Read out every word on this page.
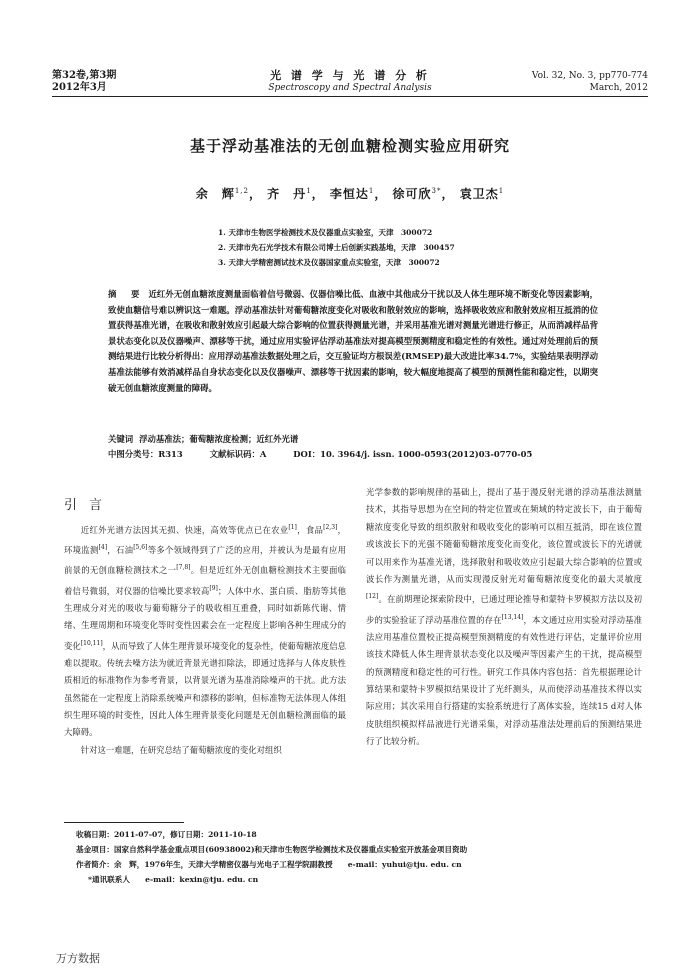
第32卷,第3期
2012年3月
光 谱 学 与 光 谱 分 析
Spectroscopy and Spectral Analysis
Vol. 32, No. 3, pp770-774
March, 2012
基于浮动基准法的无创血糖检测实验应用研究
余　辉$^{1,2}$， 齐　丹$^1$， 李恒达$^1$， 徐可欣$^{3*}$， 袁卫杰$^1$
1. 天津市生物医学检测技术及仪器重点实验室，天津　300072
2. 天津市先石光学技术有限公司博士后创新实践基地，天津　300457
3. 天津大学精密测试技术及仪器国家重点实验室，天津　300072
摘　要 近红外无创血糖浓度测量面临着信号微弱、仪器信噪比低、血液中其他成分干扰以及人体生理环境不断变化等因素影响，致使血糖信号难以辨识这一难题。浮动基准法针对葡萄糖浓度变化对吸收和散射效应的影响，选择吸收效应和散射效应相互抵消的位置获得基准光谱，在吸收和散射效应引起最大综合影响的位置获得测量光谱，并采用基准光谱对测量光谱进行修正，从而消减样品背景状态变化以及仪器噪声、漂移等干扰，通过应用实验评估浮动基准法对提高模型预测精度和稳定性的有效性。通过对处理前后的预测结果进行比较分析得出：应用浮动基准法数据处理之后，交互验证均方根误差(RMSEP)最大改进比率34.7%，实验结果表明浮动基准法能够有效消减样品自身状态变化以及仪器噪声、漂移等干扰因素的影响，较大幅度地提高了模型的预测性能和稳定性，以期突破无创血糖浓度测量的障碍。
关键词 浮动基准法；葡萄糖浓度检测；近红外光谱
中图分类号：R313	文献标识码：A	DOI：10. 3964/j. issn. 1000-0593(2012)03-0770-05
引言

近红外光谱方法因其无损、快速，高效等优点已在农业[1]，食品[2,3]，环境监测[4]，石油[5,6]等多个领域得到了广泛的应用，并被认为是最有应用前景的无创血糖检测技术之一[7,8]。但是近红外无创血糖检测技术主要面临着信号微弱，对仪器的信噪比要求较高[9]；人体中水、蛋白质、脂肪等其他生理成分对光的吸收与葡萄糖分子的吸收相互重叠，同时如新陈代谢、情绪、生理周期和环境变化等时变性因素会在一定程度上影响各种生理成分的变化[10,11]，从而导致了人体生理背景环境变化的复杂性，使葡萄糖浓度信息难以提取。传统去噪方法为就近背景光谱扣除法，即通过选择与人体皮肤性质相近的标准物作为参考背景，以背景光谱为基准消除噪声的干扰。此方法虽然能在一定程度上消除系统噪声和漂移的影响，但标准物无法体现人体组织生理环境的时变性，因此人体生理背景变化问题是无创血糖检测面临的最大障碍。

针对这一难题，在研究总结了葡萄糖浓度的变化对组织

光学参数的影响规律的基础上，提出了基于漫反射光谱的浮动基准法测量技术，其指导思想为在空间的特定位置或在频域的特定波长下，由于葡萄糖浓度变化导致的组织散射和吸收变化的影响可以相互抵消，即在该位置或该波长下的光强不随葡萄糖浓度变化而变化，该位置或波长下的光谱就可以用来作为基准光谱，选择散射和吸收效应引起最大综合影响的位置或波长作为测量光谱，从而实现漫反射光对葡萄糖浓度变化的最大灵敏度[12]。在前期理论探索阶段中，已通过理论推导和蒙特卡罗模拟方法以及初步的实验验证了浮动基准位置的存在[13,14]，本文通过应用实验对浮动基准法应用基准位置校正提高模型预测精度的有效性进行评估，定量评价应用该技术降低人体生理背景状态变化以及噪声等因素产生的干扰，提高模型的预测精度和稳定性的可行性。研究工作具体内容包括：首先根据理论计算结果和蒙特卡罗模拟结果设计了光纤测头，从而使浮动基准技术得以实际应用；其次采用自行搭建的实验系统进行了离体实验，连续15 d对人体皮肤组织模拟样品液进行光谱采集，对浮动基准法处理前后的预测结果进行了比较分析。

收稿日期：2011-07-07，修订日期：2011-10-18
基金项目：国家自然科学基金重点项目(60938002)和天津市生物医学检测技术及仪器重点实验室开放基金项目资助
作者简介：余　辉，1976年生，天津大学精密仪器与光电子工程学院副教授　　e-mail：yuhui@tju. edu. cn
*通讯联系人　　e-mail：kexin@tju. edu. cn
万方数据
